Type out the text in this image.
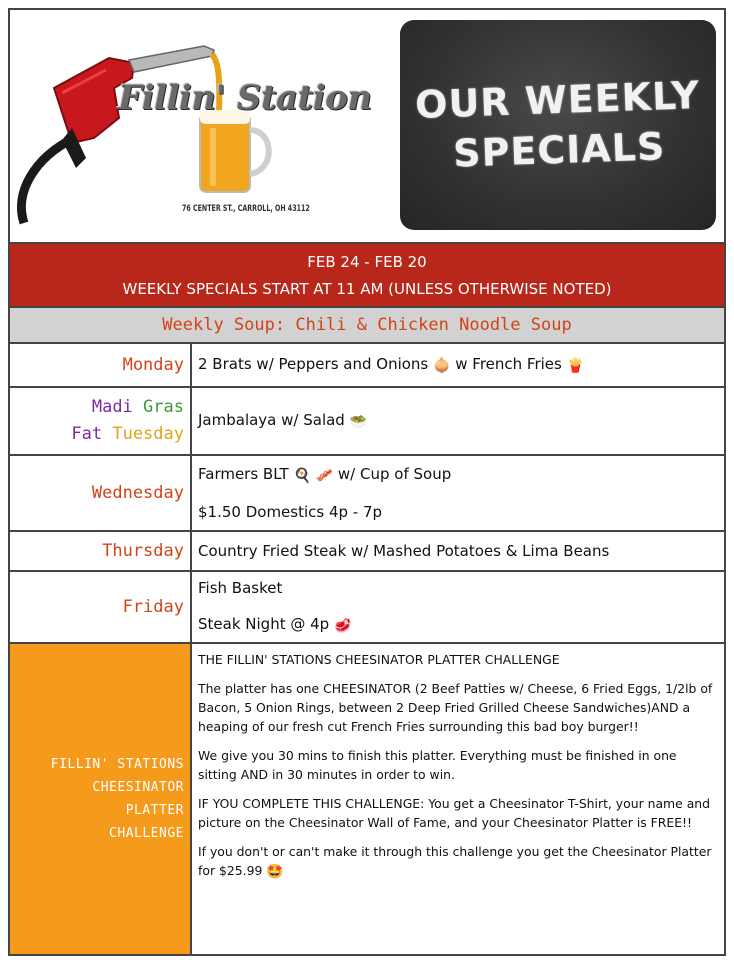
Fillin' Station
76 CENTER ST., CARROLL, OH 43112
OUR WEEKLY
SPECIALS
FEB 24 - FEB 20
WEEKLY SPECIALS START AT 11 AM (UNLESS OTHERWISE NOTED)
Weekly Soup: Chili & Chicken Noodle Soup
Monday 2 Brats w/ Peppers and Onions 🧅 w French Fries 🍟

Madi Gras
Fat Tuesday

Jambalaya w/ Salad 🥗

Wednesday

Farmers BLT 🍳 🥓 w/ Cup of Soup

$1.50 Domestics 4p - 7p

Thursday Country Fried Steak w/ Mashed Potatoes & Lima Beans

Friday

Fish Basket

Steak Night @ 4p 🥩

FILLIN' STATIONS
CHEESINATOR
PLATTER
CHALLENGE

THE FILLIN' STATIONS CHEESINATOR PLATTER CHALLENGE

The platter has one CHEESINATOR (2 Beef Patties w/ Cheese, 6 Fried Eggs, 1/2lb of Bacon, 5 Onion Rings, between 2 Deep Fried Grilled Cheese Sandwiches)AND a heaping of our fresh cut French Fries surrounding this bad boy burger!!

We give you 30 mins to finish this platter. Everything must be finished in one sitting AND in 30 minutes in order to win.

IF YOU COMPLETE THIS CHALLENGE: You get a Cheesinator T-Shirt, your name and picture on the Cheesinator Wall of Fame, and your Cheesinator Platter is FREE!!

If you don't or can't make it through this challenge you get the Cheesinator Platter for $25.99 🤩
